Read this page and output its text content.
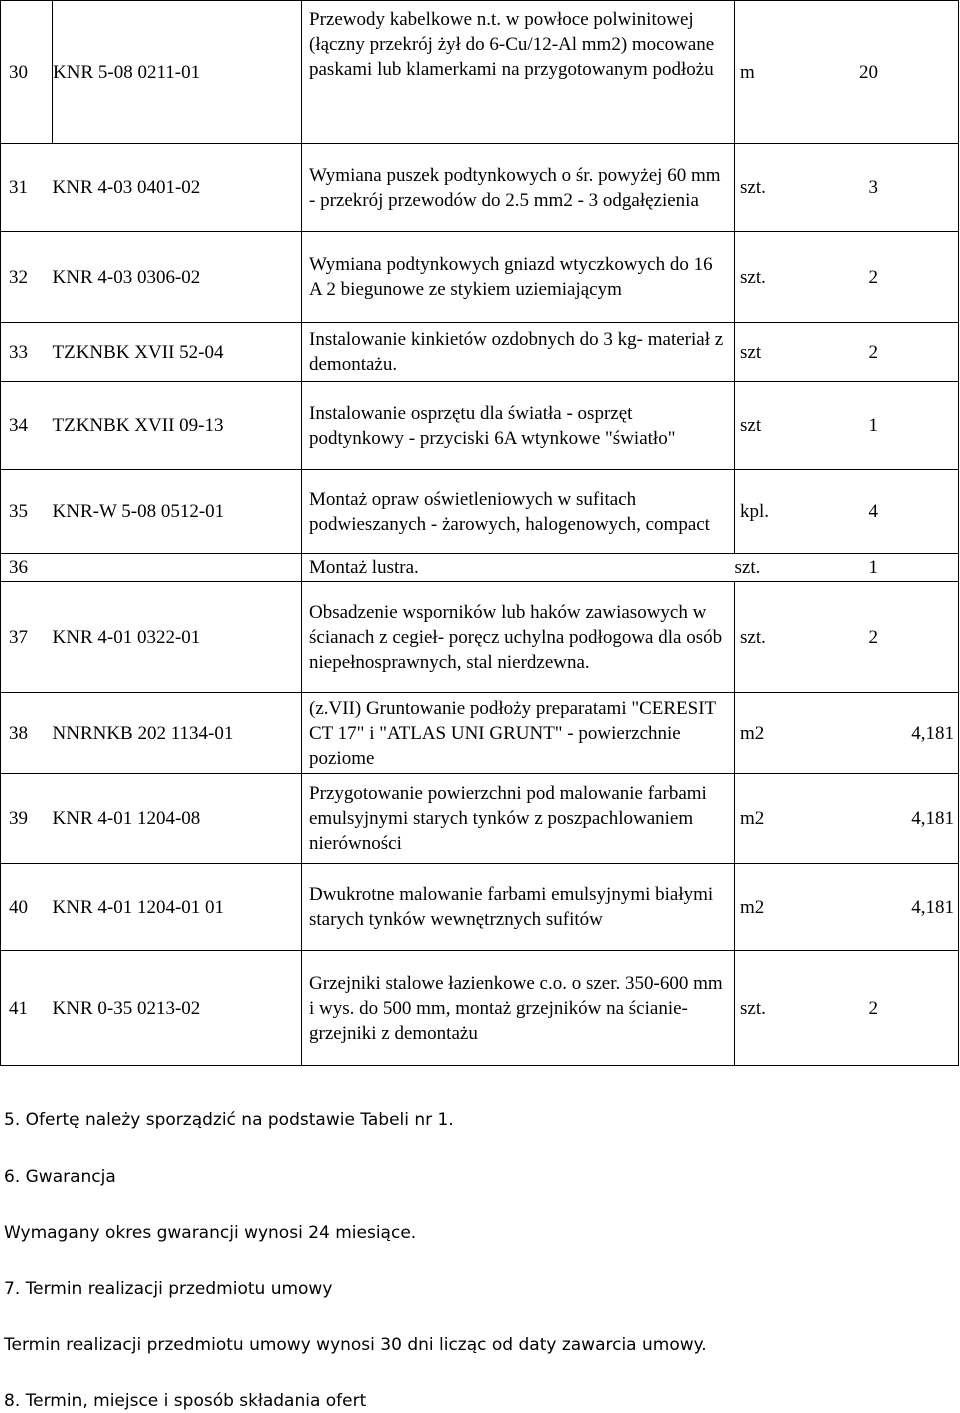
30	KNR 5-08 0211-01	Przewody kabelkowe n.t. w powłoce polwinitowej (łączny przekrój żył do 6-Cu/12-Al mm2) mocowane paskami lub klamerkami na przygotowanym podłożu	m	20
31	KNR 4-03 0401-02	Wymiana puszek podtynkowych o śr. powyżej 60 mm - przekrój przewodów do 2.5 mm2 - 3 odgałęzienia	szt.	3
32	KNR 4-03 0306-02	Wymiana podtynkowych gniazd wtyczkowych do 16 A 2 biegunowe ze stykiem uziemiającym	szt.	2
33	TZKNBK XVII 52-04	Instalowanie kinkietów ozdobnych do 3 kg- materiał z demontażu.	szt	2
34	TZKNBK XVII 09-13	Instalowanie osprzętu dla światła - osprzęt podtynkowy - przyciski 6A wtynkowe "światło"	szt	1
35	KNR-W 5-08 0512-01	Montaż opraw oświetleniowych w sufitach podwieszanych - żarowych, halogenowych, compact	kpl.	4
36		Montaż lustra.	szt.	1
37	KNR 4-01 0322-01	Obsadzenie wsporników lub haków zawiasowych w ścianach z cegieł- poręcz uchylna podłogowa dla osób niepełnosprawnych, stal nierdzewna.	szt.	2
38	NNRNKB 202 1134-01	(z.VII) Gruntowanie podłoży preparatami "CERESIT CT 17" i "ATLAS UNI GRUNT" - powierzchnie poziome	m2	4,181
39	KNR 4-01 1204-08	Przygotowanie powierzchni pod malowanie farbami emulsyjnymi starych tynków z poszpachlowaniem nierówności	m2	4,181
40	KNR 4-01 1204-01 01	Dwukrotne malowanie farbami emulsyjnymi białymi starych tynków wewnętrznych sufitów	m2	4,181
41	KNR 0-35 0213-02	Grzejniki stalowe łazienkowe c.o. o szer. 350-600 mm i wys. do 500 mm, montaż grzejników na ścianie- grzejniki z demontażu	szt.	2
5. Ofertę należy sporządzić na podstawie Tabeli nr 1.
6. Gwarancja
Wymagany okres gwarancji wynosi 24 miesiące.
7. Termin realizacji przedmiotu umowy
Termin realizacji przedmiotu umowy wynosi 30 dni licząc od daty zawarcia umowy.
8. Termin, miejsce i sposób składania ofert
